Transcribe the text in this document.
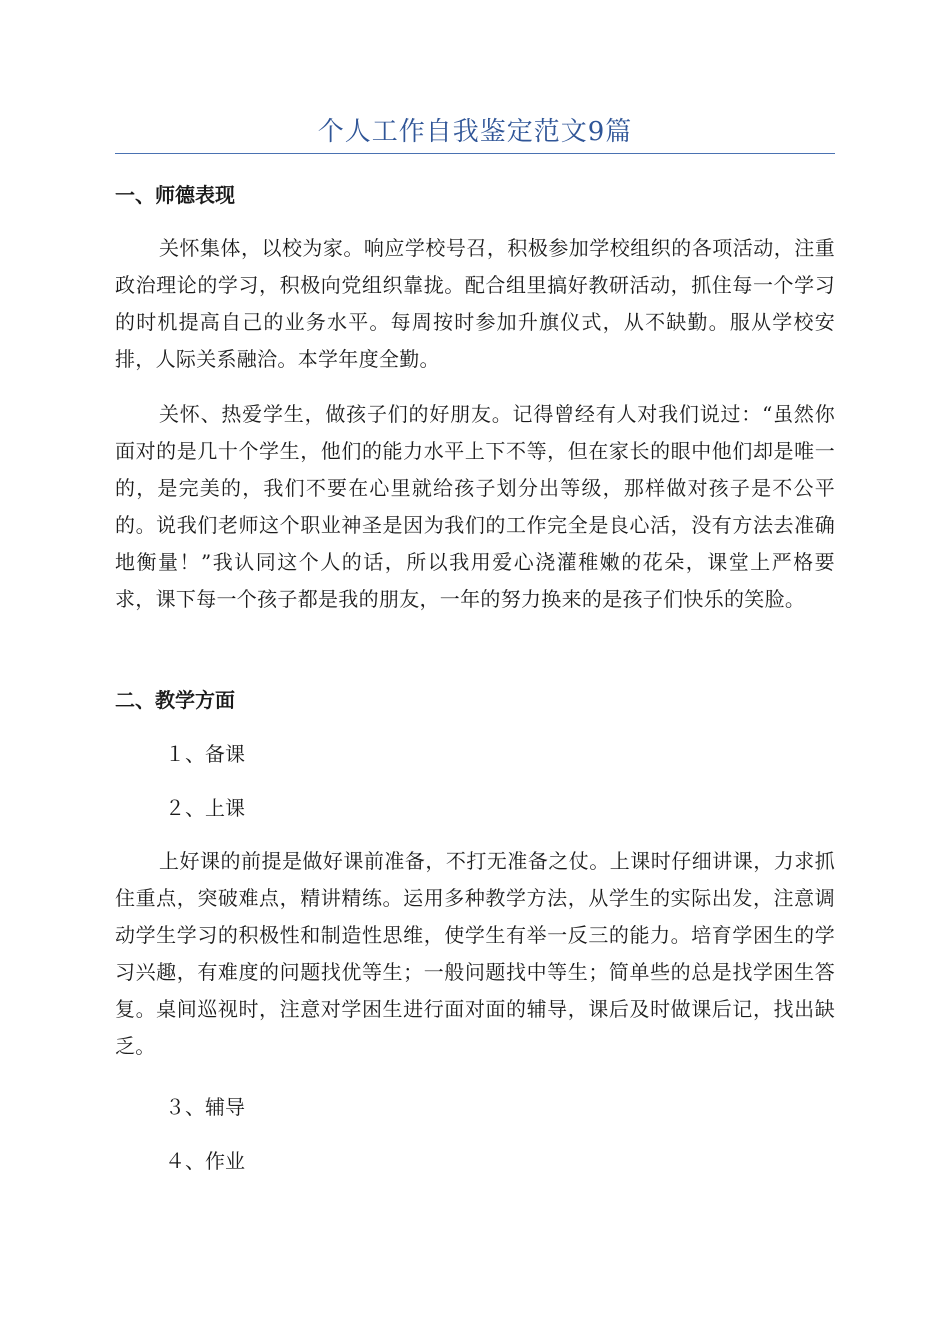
个人工作自我鉴定范文9篇
一、师德表现

关怀集体，以校为家。响应学校号召，积极参加学校组织的各项活动，注重政治理论的学习，积极向党组织靠拢。配合组里搞好教研活动，抓住每一个学习的时机提高自己的业务水平。每周按时参加升旗仪式，从不缺勤。服从学校安排，人际关系融洽。本学年度全勤。

关怀、热爱学生，做孩子们的好朋友。记得曾经有人对我们说过：“虽然你面对的是几十个学生，他们的能力水平上下不等，但在家长的眼中他们却是唯一的，是完美的，我们不要在心里就给孩子划分出等级，那样做对孩子是不公平的。说我们老师这个职业神圣是因为我们的工作完全是良心活，没有方法去准确地衡量！”我认同这个人的话，所以我用爱心浇灌稚嫩的花朵，课堂上严格要求，课下每一个孩子都是我的朋友，一年的努力换来的是孩子们快乐的笑脸。

二、教学方面

１、备课

２、上课

上好课的前提是做好课前准备，不打无准备之仗。上课时仔细讲课，力求抓住重点，突破难点，精讲精练。运用多种教学方法，从学生的实际出发，注意调动学生学习的积极性和制造性思维，使学生有举一反三的能力。培育学困生的学习兴趣，有难度的问题找优等生；一般问题找中等生；简单些的总是找学困生答复。桌间巡视时，注意对学困生进行面对面的辅导，课后及时做课后记，找出缺乏。

３、辅导

４、作业
